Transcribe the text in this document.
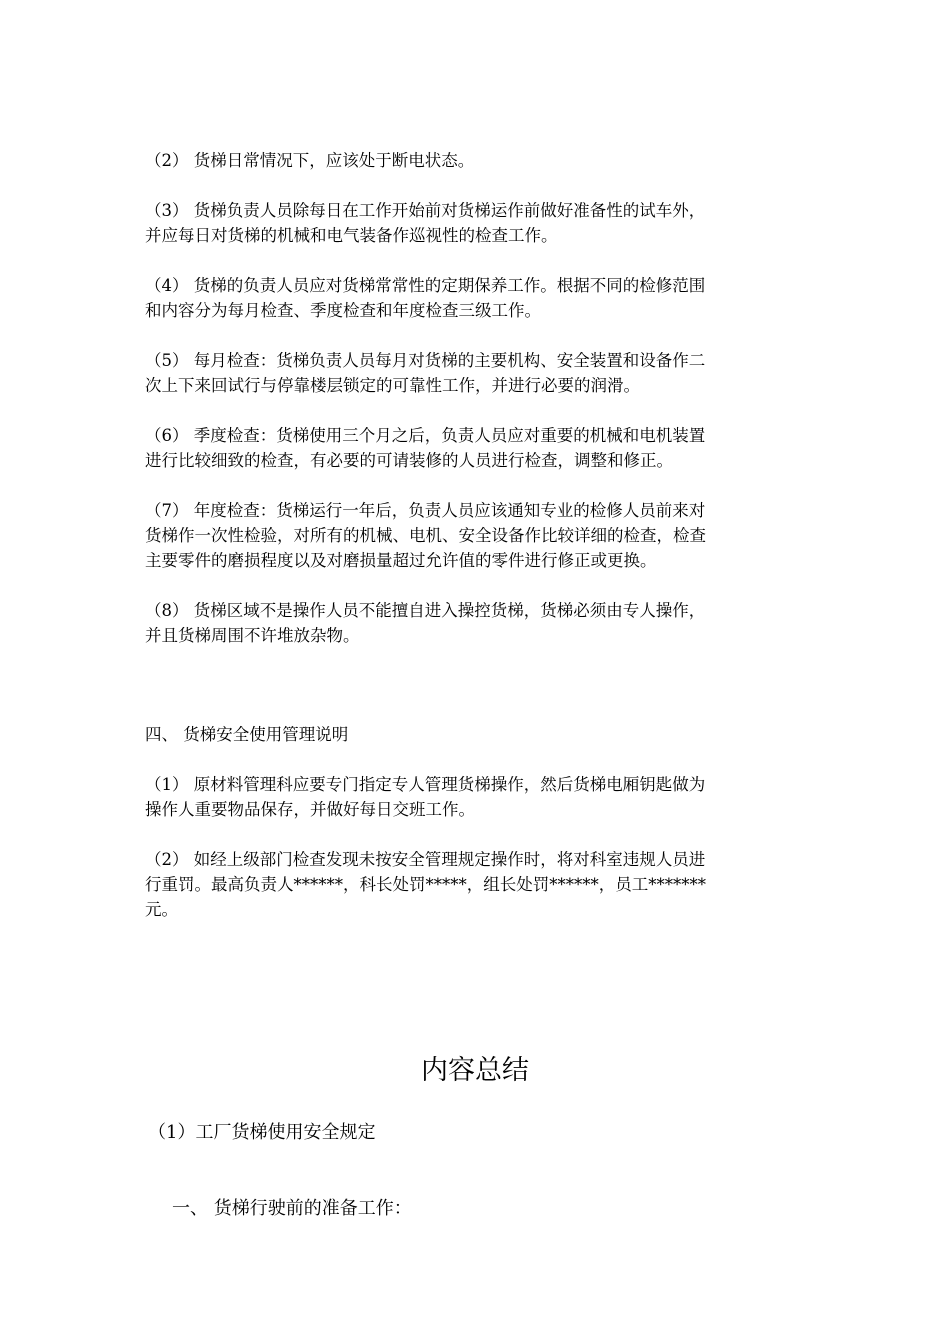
（2） 货梯日常情况下，应该处于断电状态。
（3） 货梯负责人员除每日在工作开始前对货梯运作前做好准备性的试车外，
并应每日对货梯的机械和电气装备作巡视性的检查工作。
（4） 货梯的负责人员应对货梯常常性的定期保养工作。根据不同的检修范围
和内容分为每月检查、季度检查和年度检查三级工作。
（5） 每月检查：货梯负责人员每月对货梯的主要机构、安全装置和设备作二
次上下来回试行与停靠楼层锁定的可靠性工作，并进行必要的润滑。
（6） 季度检查：货梯使用三个月之后，负责人员应对重要的机械和电机装置
进行比较细致的检查，有必要的可请装修的人员进行检查，调整和修正。
（7） 年度检查：货梯运行一年后，负责人员应该通知专业的检修人员前来对
货梯作一次性检验，对所有的机械、电机、安全设备作比较详细的检查，检查
主要零件的磨损程度以及对磨损量超过允许值的零件进行修正或更换。
（8） 货梯区域不是操作人员不能擅自进入操控货梯，货梯必须由专人操作，
并且货梯周围不许堆放杂物。
四、 货梯安全使用管理说明
（1） 原材料管理科应要专门指定专人管理货梯操作，然后货梯电厢钥匙做为
操作人重要物品保存，并做好每日交班工作。
（2） 如经上级部门检查发现未按安全管理规定操作时，将对科室违规人员进
行重罚。最高负责人******，科长处罚*****，组长处罚******，员工*******
元。
内容总结
（1）工厂货梯使用安全规定
一、 货梯行驶前的准备工作：
